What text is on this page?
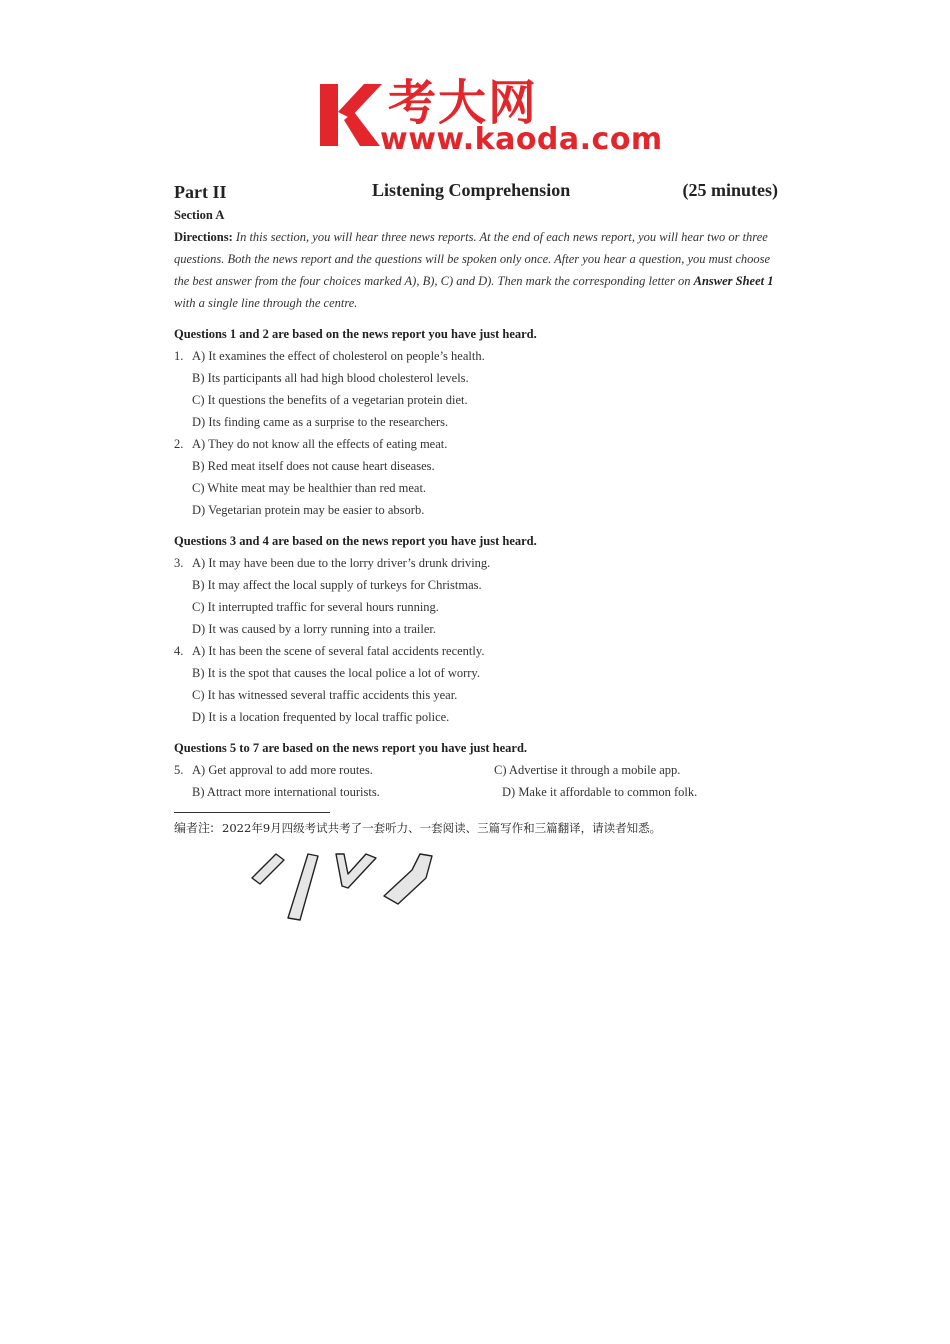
考大网
www.kaoda.com
Part II	Listening Comprehension	(25 minutes)
Section A
Directions: In this section, you will hear three news reports. At the end of each news report, you will hear two or three questions. Both the news report and the questions will be spoken only once. After you hear a question, you must choose the best answer from the four choices marked A), B), C) and D). Then mark the corresponding letter on Answer Sheet 1 with a single line through the centre.
Questions 1 and 2 are based on the news report you have just heard.
1. A) It examines the effect of cholesterol on people’s health.
B) Its participants all had high blood cholesterol levels.
C) It questions the benefits of a vegetarian protein diet.
D) Its finding came as a surprise to the researchers.
2. A) They do not know all the effects of eating meat.
B) Red meat itself does not cause heart diseases.
C) White meat may be healthier than red meat.
D) Vegetarian protein may be easier to absorb.
Questions 3 and 4 are based on the news report you have just heard.
3. A) It may have been due to the lorry driver’s drunk driving.
B) It may affect the local supply of turkeys for Christmas.
C) It interrupted traffic for several hours running.
D) It was caused by a lorry running into a trailer.
4. A) It has been the scene of several fatal accidents recently.
B) It is the spot that causes the local police a lot of worry.
C) It has witnessed several traffic accidents this year.
D) It is a location frequented by local traffic police.
Questions 5 to 7 are based on the news report you have just heard.
5. A) Get approval to add more routes.	C) Advertise it through a mobile app.
B) Attract more international tourists.	D) Make it affordable to common folk.
编者注: 2022年9月四级考试共考了一套听力、一套阅读、三篇写作和三篇翻译，请读者知悉。
